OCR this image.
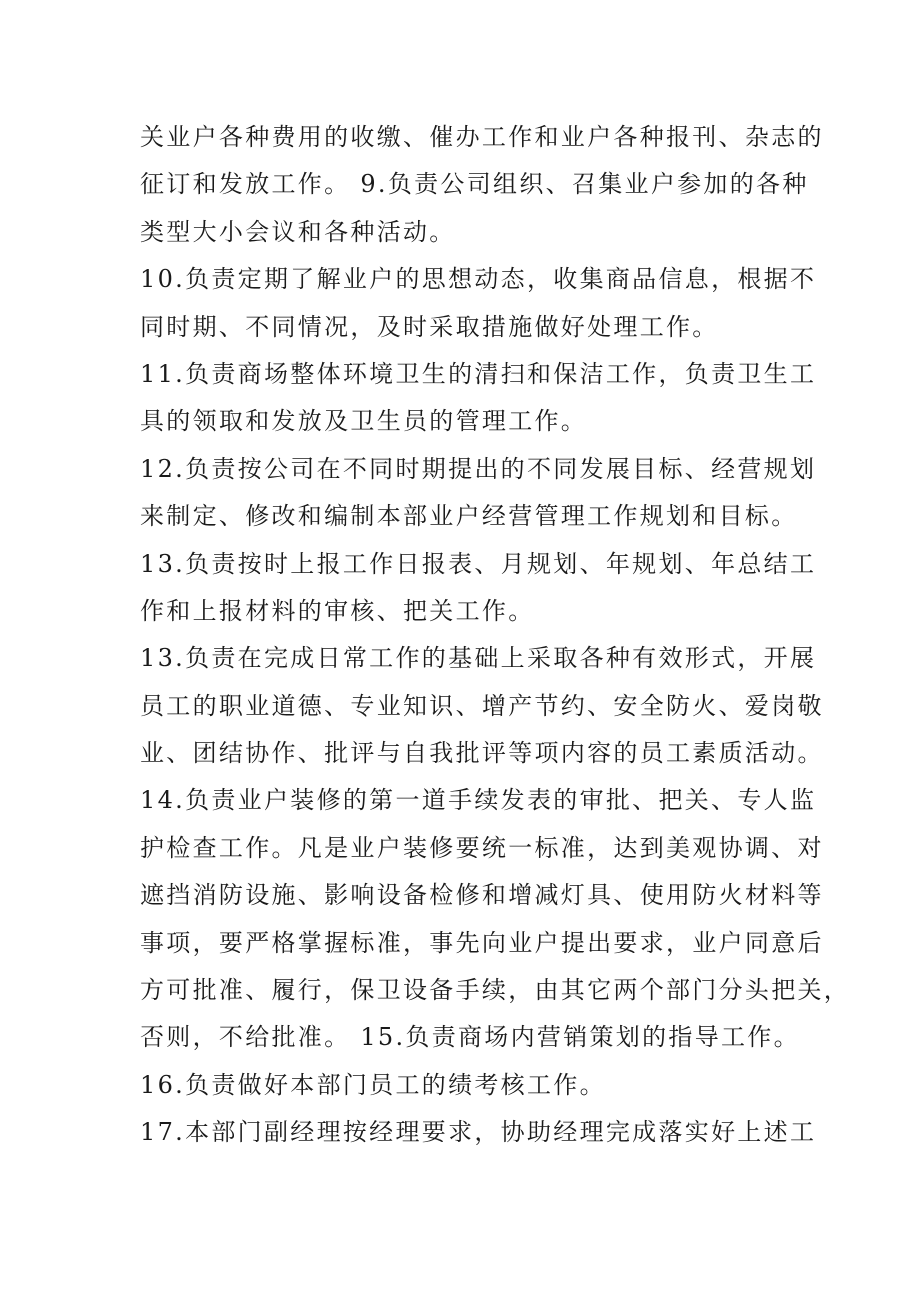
关业户各种费用的收缴、催办工作和业户各种报刊、杂志的
征订和发放工作。 9.负责公司组织、召集业户参加的各种
类型大小会议和各种活动。
10.负责定期了解业户的思想动态，收集商品信息，根据不
同时期、不同情况，及时采取措施做好处理工作。
11.负责商场整体环境卫生的清扫和保洁工作，负责卫生工
具的领取和发放及卫生员的管理工作。
12.负责按公司在不同时期提出的不同发展目标、经营规划
来制定、修改和编制本部业户经营管理工作规划和目标。
13.负责按时上报工作日报表、月规划、年规划、年总结工
作和上报材料的审核、把关工作。
13.负责在完成日常工作的基础上采取各种有效形式，开展
员工的职业道德、专业知识、增产节约、安全防火、爱岗敬
业、团结协作、批评与自我批评等项内容的员工素质活动。
14.负责业户装修的第一道手续发表的审批、把关、专人监
护检查工作。凡是业户装修要统一标准，达到美观协调、对
遮挡消防设施、影响设备检修和增减灯具、使用防火材料等
事项，要严格掌握标准，事先向业户提出要求，业户同意后
方可批准、履行，保卫设备手续，由其它两个部门分头把关，
否则，不给批准。 15.负责商场内营销策划的指导工作。
16.负责做好本部门员工的绩考核工作。
17.本部门副经理按经理要求，协助经理完成落实好上述工
